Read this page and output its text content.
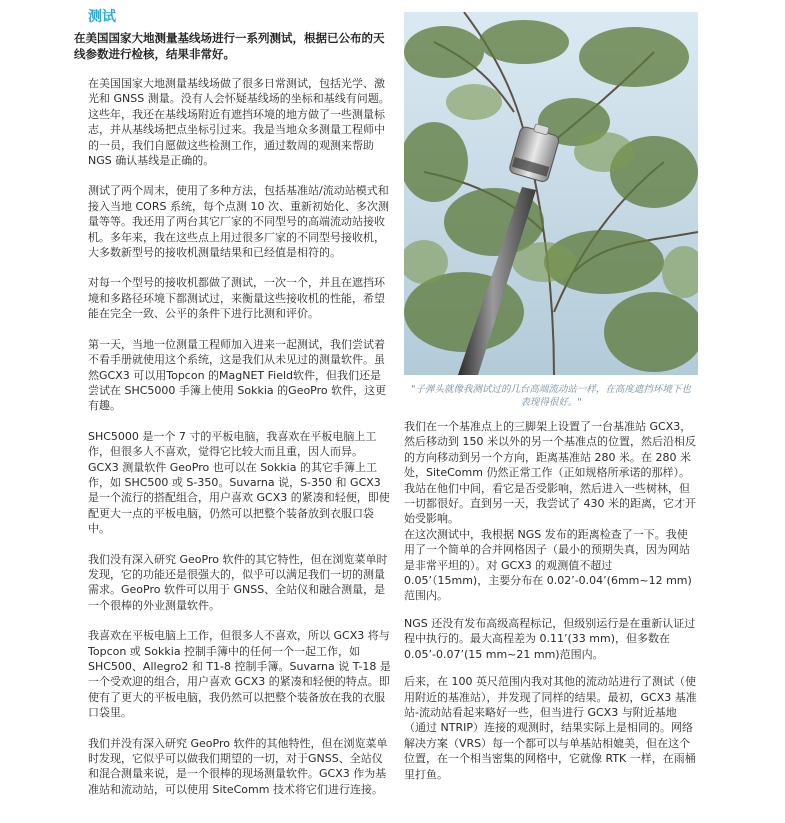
测试
在美国国家大地测量基线场进行一系列测试，根据已公布的天线参数进行检核，结果非常好。

在美国国家大地测量基线场做了很多日常测试，包括光学、激光和 GNSS 测量。没有人会怀疑基线场的坐标和基线有问题。这些年，我还在基线场附近有遮挡环境的地方做了一些测量标志，并从基线场把点坐标引过来。我是当地众多测量工程师中的一员，我们自愿做这些检测工作，通过数周的观测来帮助 NGS 确认基线是正确的。

测试了两个周末，使用了多种方法，包括基准站/流动站模式和接入当地 CORS 系统，每个点测 10 次、重新初始化、多次测量等等。我还用了两台其它厂家的不同型号的高端流动站接收机。多年来，我在这些点上用过很多厂家的不同型号接收机，大多数新型号的接收机测量结果和已经值是相符的。

对每一个型号的接收机都做了测试，一次一个，并且在遮挡环境和多路径环境下都测试过，来衡量这些接收机的性能，希望能在完全一致、公平的条件下进行比测和评价。

第一天，当地一位测量工程师加入进来一起测试，我们尝试着不看手册就使用这个系统，这是我们从未见过的测量软件。虽然GCX3 可以用Topcon 的MagNET Field软件，但我们还是尝试在 SHC5000 手簿上使用 Sokkia 的GeoPro 软件，这更有趣。

SHC5000 是一个 7 寸的平板电脑，我喜欢在平板电脑上工作，但很多人不喜欢，觉得它比较大而且重，因人而异。GCX3 测量软件 GeoPro 也可以在 Sokkia 的其它手簿上工作，如 SHC500 或 S-350。Suvarna 说，S-350 和 GCX3 是一个流行的搭配组合，用户喜欢 GCX3 的紧凑和轻便，即使配更大一点的平板电脑，仍然可以把整个装备放到衣服口袋中。

我们没有深入研究 GeoPro 软件的其它特性，但在浏览菜单时发现，它的功能还是很强大的，似乎可以满足我们一切的测量需求。GeoPro 软件可以用于 GNSS、全站仪和融合测量，是一个很棒的外业测量软件。

我喜欢在平板电脑上工作，但很多人不喜欢，所以 GCX3 将与 Topcon 或 Sokkia 控制手簿中的任何一个一起工作，如SHC500、Allegro2 和 T1-8 控制手簿。Suvarna 说 T-18 是一个受欢迎的组合，用户喜欢 GCX3 的紧凑和轻便的特点。即使有了更大的平板电脑，我仍然可以把整个装备放在我的衣服口袋里。

我们并没有深入研究 GeoPro 软件的其他特性，但在浏览菜单时发现，它似乎可以做我们期望的一切，对于GNSS、全站仪和混合测量来说，是一个很棒的现场测量软件。GCX3 作为基准站和流动站，可以使用 SiteComm 技术将它们进行连接。

"子弹头就像我测试过的几台高端流动站一样，在高度遮挡环境下也表现得很好。"

我们在一个基准点上的三脚架上设置了一台基准站 GCX3，然后移动到 150 米以外的另一个基准点的位置，然后沿相反的方向移动到另一个方向，距离基准站 280 米。在 280 米处，SiteComm 仍然正常工作（正如规格所承诺的那样）。我站在他们中间，看它是否受影响，然后进入一些树林，但一切都很好。直到另一天，我尝试了 430 米的距离，它才开始受影响。
在这次测试中，我根据 NGS 发布的距离检查了一下。我使用了一个简单的合并网格因子（最小的预期失真，因为网站是非常平坦的）。对 GCX3 的观测值不超过 0.05’（15mm)，主要分布在 0.02’-0.04’(6mm~12 mm)范围内。

NGS 还没有发布高级高程标记，但级别运行是在重新认证过程中执行的。最大高程差为 0.11’(33 mm)，但多数在 0.05’-0.07’(15 mm~21 mm)范围内。

后来，在 100 英尺范围内我对其他的流动站进行了测试（使用附近的基准站），并发现了同样的结果。最初，GCX3 基准站-流动站看起来略好一些，但当进行 GCX3 与附近基地（通过 NTRIP）连接的观测时，结果实际上是相同的。网络解决方案（VRS）每一个都可以与单基站相媲美，但在这个位置，在一个相当密集的网格中，它就像 RTK 一样，在雨桶里打鱼。
